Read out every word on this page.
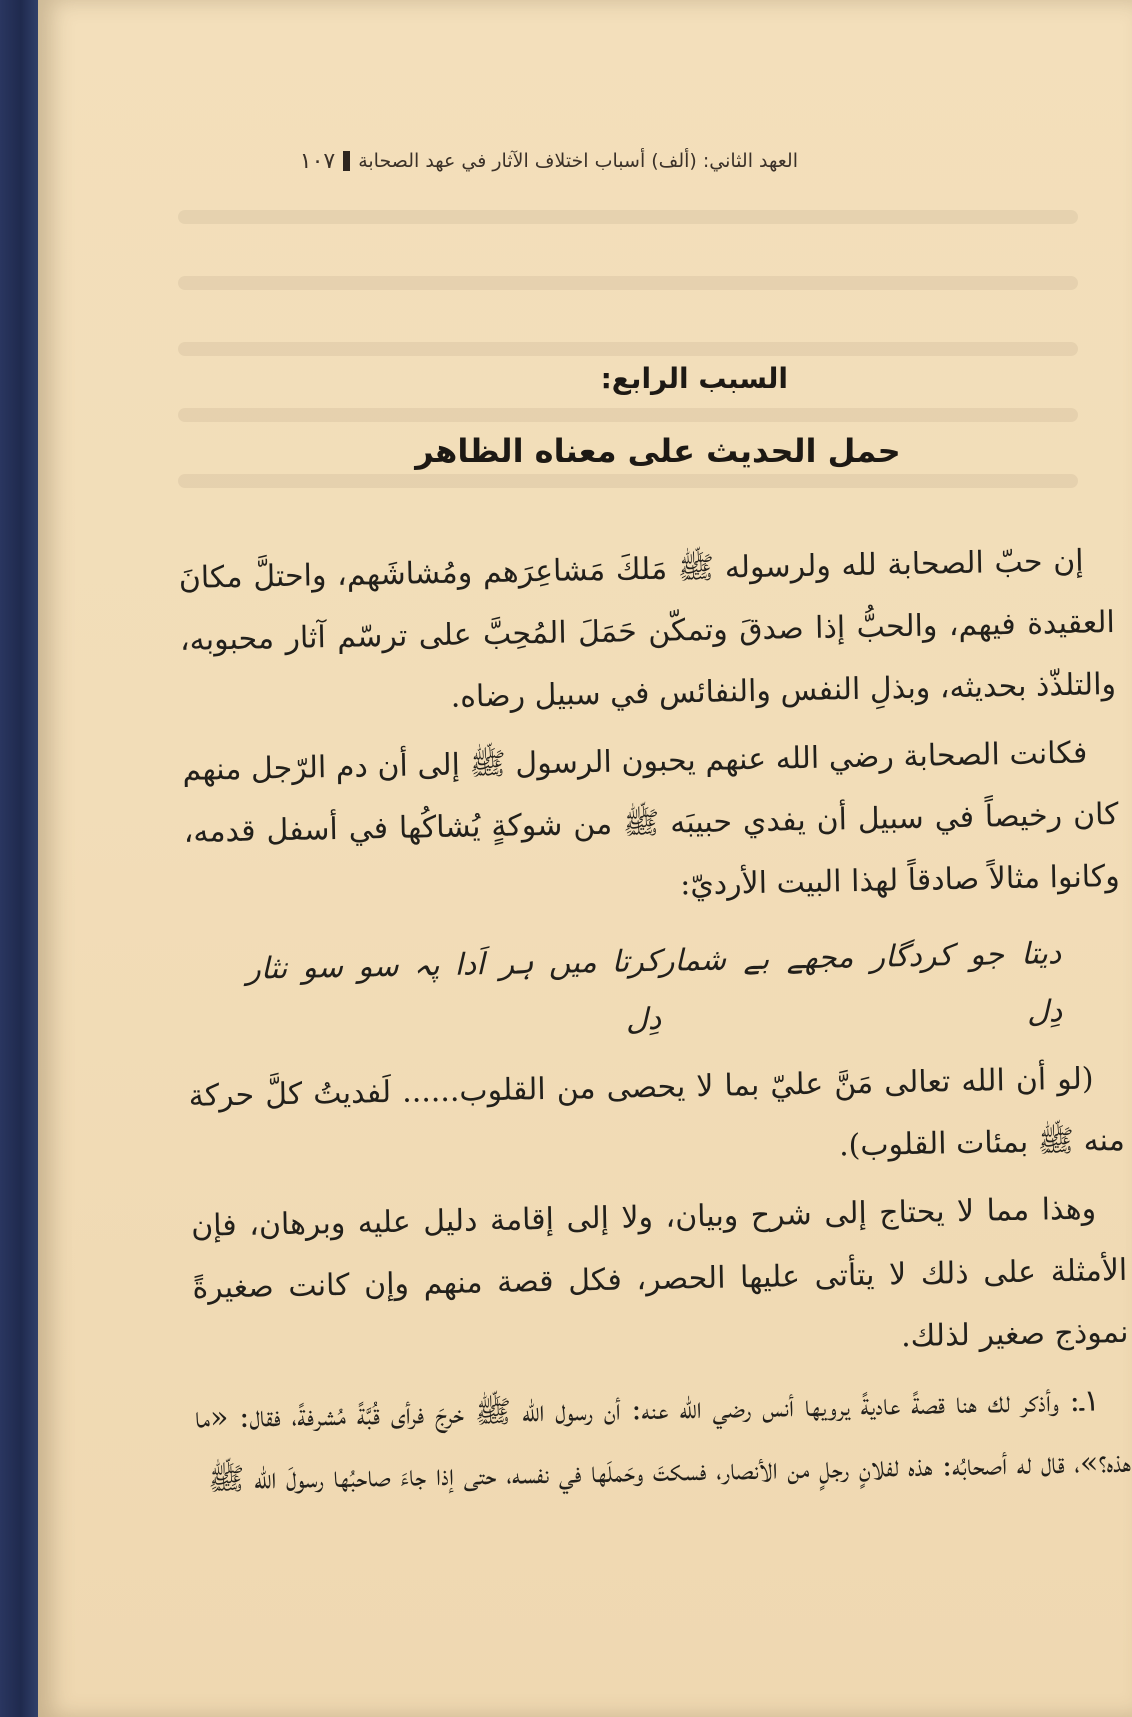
العهد الثاني: (ألف) أسباب اختلاف الآثار في عهد الصحابة
١٠٧
السبب الرابع:
حمل الحديث على معناه الظاهر

إن حبّ الصحابة لله ولرسوله ﷺ مَلكَ مَشاعِرَهم ومُشاشَهم، واحتلَّ مكانَ العقيدة فيهم، والحبُّ إذا صدقَ وتمكّن حَمَلَ المُحِبَّ على ترسّم آثار محبوبه، والتلذّذ بحديثه، وبذلِ النفس والنفائس في سبيل رضاه.

فكانت الصحابة رضي الله عنهم يحبون الرسول ﷺ إلى أن دم الرّجل منهم كان رخيصاً في سبيل أن يفدي حبيبَه ﷺ من شوكةٍ يُشاكُها في أسفل قدمه، وكانوا مثالاً صادقاً لهذا البيت الأرديّ:

دیتا جو کردگار مجھے بے شمار دِل
کرتا میں ہر اَدا پہ سو سو نثار دِل

(لو أن الله تعالى مَنَّ عليّ بما لا يحصى من القلوب...... لَفديتُ كلَّ حركة منه ﷺ بمئات القلوب).

وهذا مما لا يحتاج إلى شرح وبيان، ولا إلى إقامة دليل عليه وبرهان، فإن الأمثلة على ذلك لا يتأتى عليها الحصر، فكل قصة منهم وإن كانت صغيرةً نموذج صغير لذلك.

١ـ: وأذكر لك هنا قصةً عاديةً يرويها أنس رضي الله عنه: أن رسول الله ﷺ خرجَ فرأى قُبَّةً مُشرفةً، فقال: «ما هذه؟»، قال له أصحابُه: هذه لفلانٍ رجلٍ من الأنصار، فسكتَ وحَملَها في نفسه، حتى إذا جاءَ صاحبُها رسولَ الله ﷺ
